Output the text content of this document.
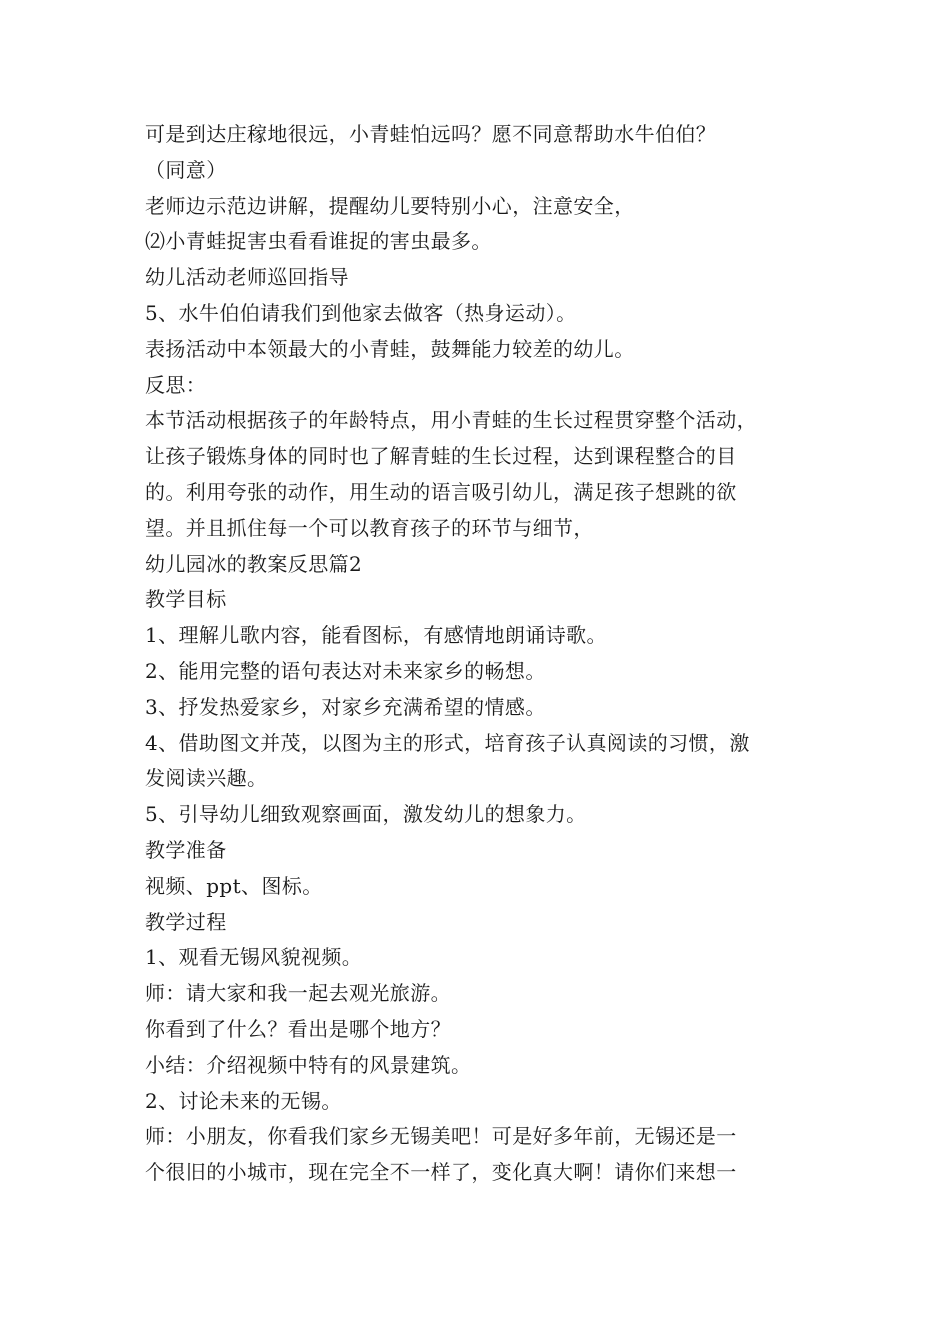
可是到达庄稼地很远，小青蛙怕远吗？愿不同意帮助水牛伯伯？
（同意）
老师边示范边讲解，提醒幼儿要特别小心，注意安全，
⑵小青蛙捉害虫看看谁捉的害虫最多。
幼儿活动老师巡回指导
5、水牛伯伯请我们到他家去做客（热身运动）。
表扬活动中本领最大的小青蛙，鼓舞能力较差的幼儿。
反思：
本节活动根据孩子的年龄特点，用小青蛙的生长过程贯穿整个活动，
让孩子锻炼身体的同时也了解青蛙的生长过程，达到课程整合的目
的。利用夸张的动作，用生动的语言吸引幼儿，满足孩子想跳的欲
望。并且抓住每一个可以教育孩子的环节与细节，
幼儿园冰的教案反思篇2
教学目标
1、理解儿歌内容，能看图标，有感情地朗诵诗歌。
2、能用完整的语句表达对未来家乡的畅想。
3、抒发热爱家乡，对家乡充满希望的情感。
4、借助图文并茂，以图为主的形式，培育孩子认真阅读的习惯，激
发阅读兴趣。
5、引导幼儿细致观察画面，激发幼儿的想象力。
教学准备
视频、ppt、图标。
教学过程
1、观看无锡风貌视频。
师：请大家和我一起去观光旅游。
你看到了什么？看出是哪个地方？
小结：介绍视频中特有的风景建筑。
2、讨论未来的无锡。
师：小朋友，你看我们家乡无锡美吧！可是好多年前，无锡还是一
个很旧的小城市，现在完全不一样了，变化真大啊！请你们来想一
